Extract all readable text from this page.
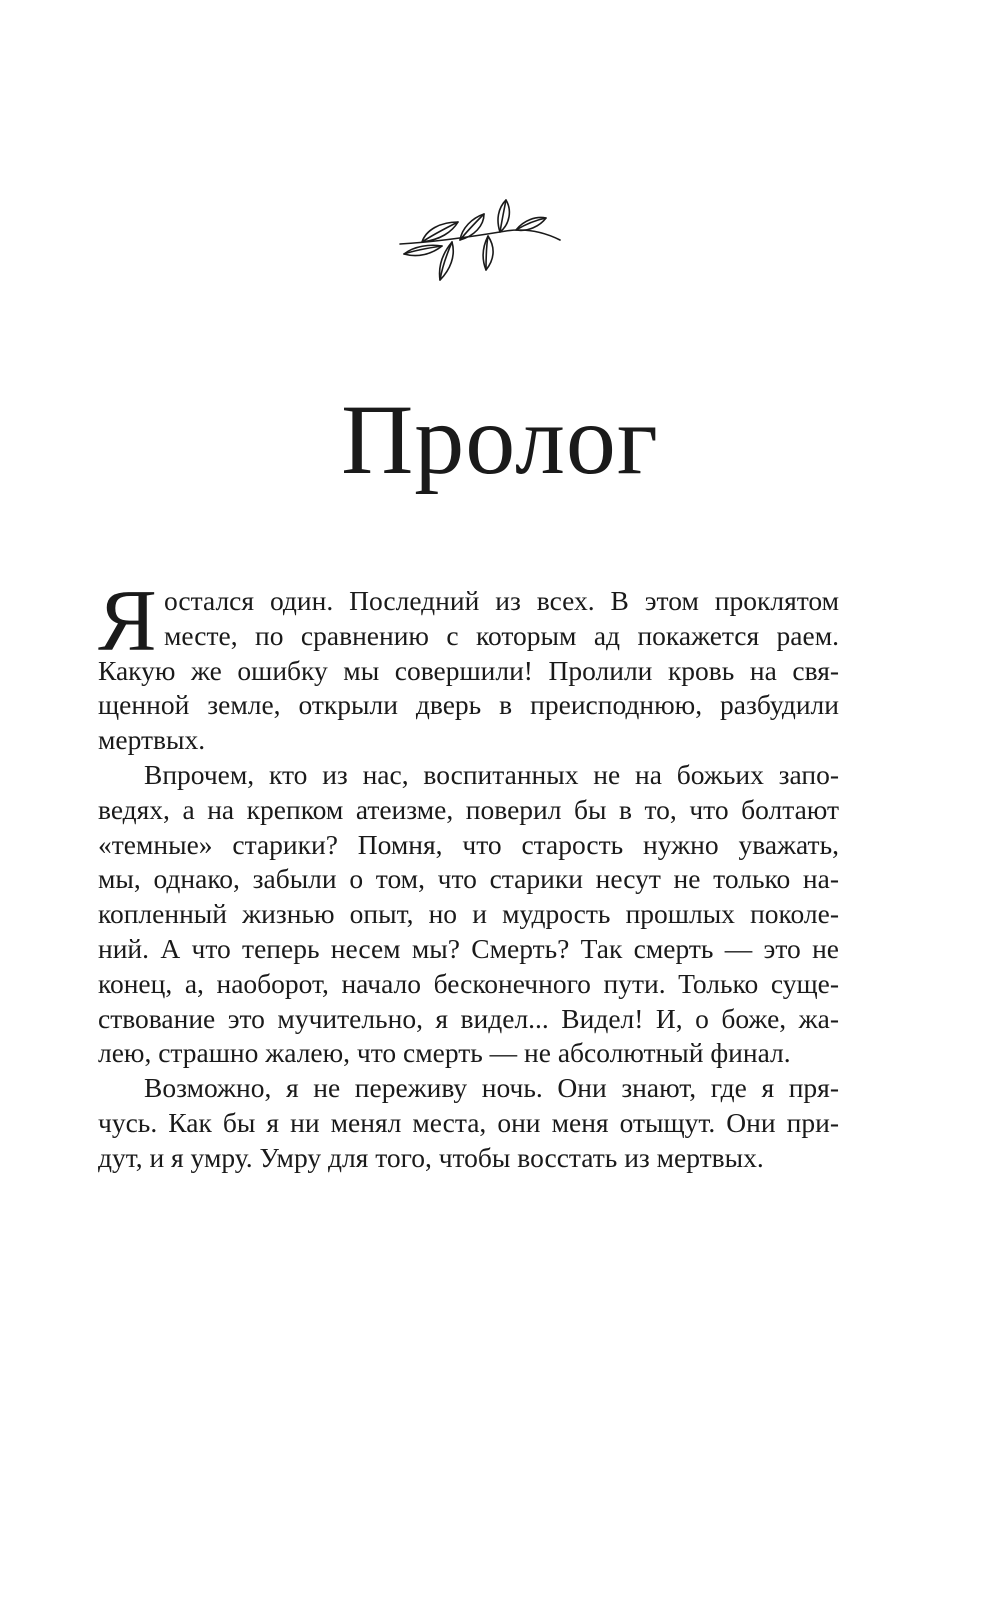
Пролог
Я остался один. Последний из всех. В этом проклятом
месте, по сравнению с которым ад покажется раем.
Какую же ошибку мы совершили! Пролили кровь на свя-
щенной земле, открыли дверь в преисподнюю, разбудили
мертвых.
Впрочем, кто из нас, воспитанных не на божьих запо-
ведях, а на крепком атеизме, поверил бы в то, что болтают
«темные» старики? Помня, что старость нужно уважать,
мы, однако, забыли о том, что старики несут не только на-
копленный жизнью опыт, но и мудрость прошлых поколе-
ний. А что теперь несем мы? Смерть? Так смерть — это не
конец, а, наоборот, начало бесконечного пути. Только суще-
ствование это мучительно, я видел... Видел! И, о боже, жа-
лею, страшно жалею, что смерть — не абсолютный финал.
Возможно, я не переживу ночь. Они знают, где я пря-
чусь. Как бы я ни менял места, они меня отыщут. Они при-
дут, и я умру. Умру для того, чтобы восстать из мертвых.
